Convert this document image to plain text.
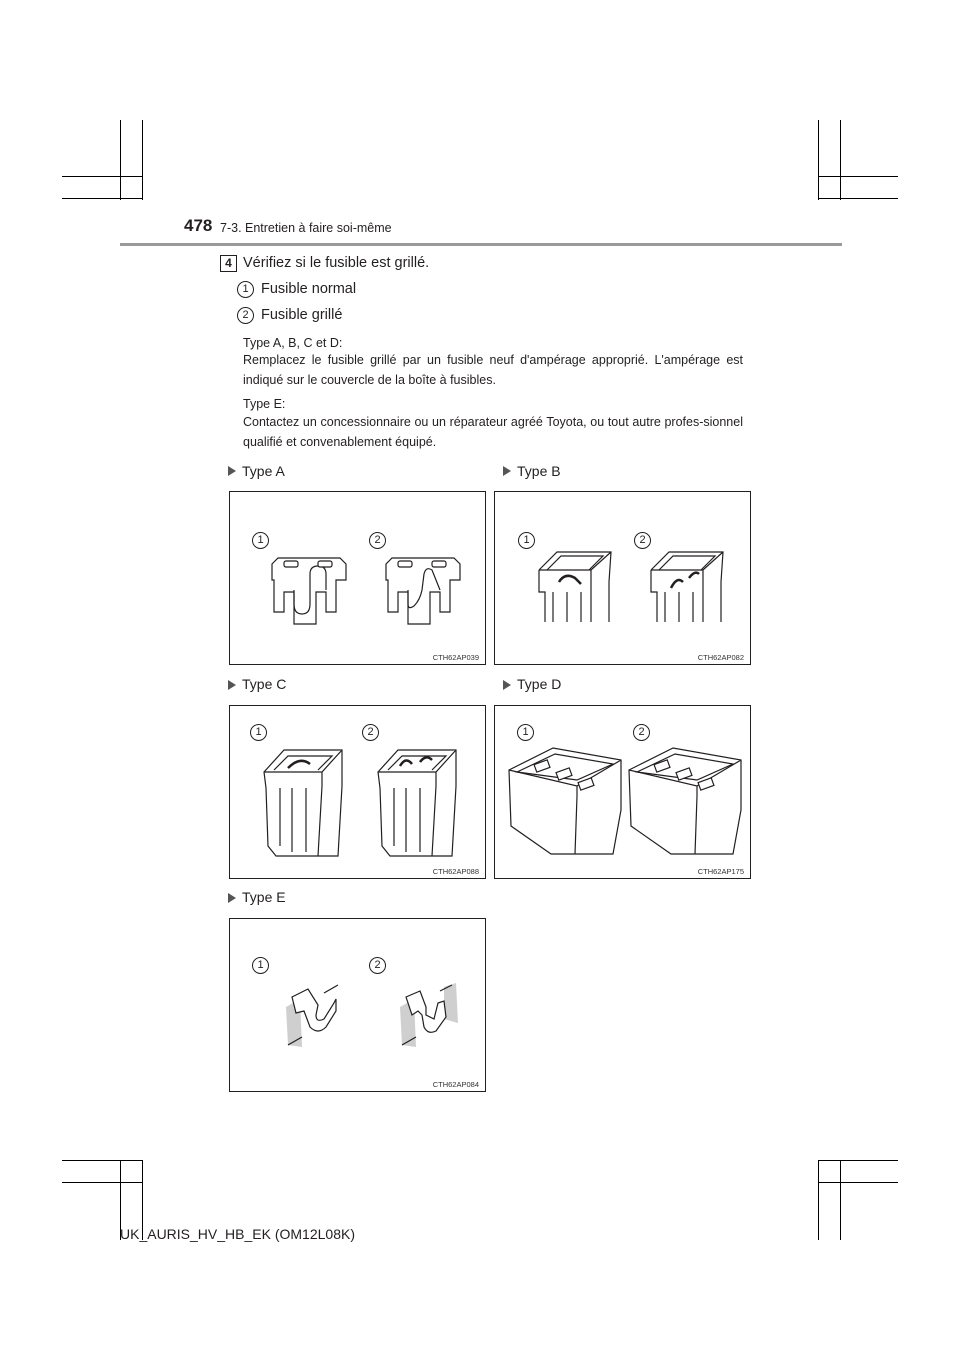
478 7-3. Entretien à faire soi-même
4 Vérifiez si le fusible est grillé.
1 Fusible normal
2 Fusible grillé
Type A, B, C et D:
Remplacez le fusible grillé par un fusible neuf d'ampérage approprié. L'ampérage est indiqué sur le couvercle de la boîte à fusibles.
Type E:
Contactez un concessionnaire ou un réparateur agréé Toyota, ou tout autre profes-sionnel qualifié et convenablement équipé.
Type A	Type B
1	2
CTH62AP039
1	2
CTH62AP082
Type C	Type D
1	2
CTH62AP088
1	2
CTH62AP175
Type E
1	2
CTH62AP084
UK_AURIS_HV_HB_EK (OM12L08K)
